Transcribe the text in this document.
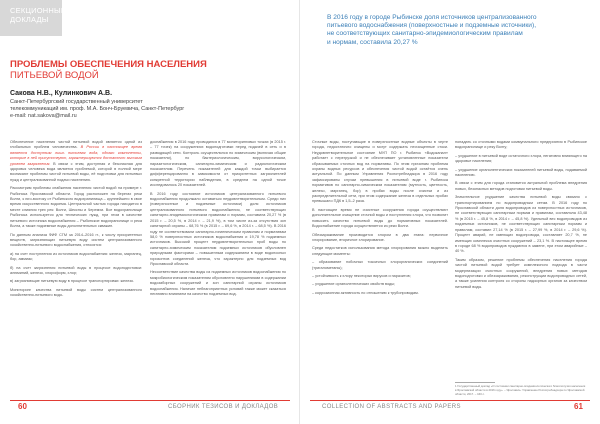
СЕКЦИОННЫЕ
ДОКЛАДЫ
ПРОБЛЕМЫ ОБЕСПЕЧЕНИЯ НАСЕЛЕНИЯ
ПИТЬЕВОЙ ВОДОЙ
Сакова Н.В., Кулинкович А.В.
Санкт-Петербургский государственный университет
телекоммуникаций им. проф. М.А. Бонч-Бруевича, Санкт-Петербург
e-mail: nat.sakova@mail.ru

Обеспечение населения чистой питьевой водой является одной из глобальных проблем человечества. В России в настоящее время является доступным лишь питьевая вода, однако компоненты, которые в ней присутствуют, характеризуются достаточно высоким уровнем загрязнения. В связи с этим, доступная и безопасная для здоровья человека вода является проблемой, которой в полной мере возникают проблемы чистой питьевой воды, её подготовки для питьевых нужд и централизованной подачи населению.

Рассмотрим проблемы снабжения населения чистой водой на примере г. Рыбинска Ярославской области. Город расположен на берегах реки Волги, к юго-востоку от Рыбинского водохранилища – крупнейшего в свое время искусственного водоема. Центральной частью города находится в месте слияния трех рек: Волги, Шексны и Черемхи. Все водохранилище Рыбинска используется для технических нужд, при этом в качестве питьевого источника водоснабжения – Рыбинское водохранилище и река Волга, а также подземные воды дополнительных скважин.

По данным анализа ФИФ СГМ за 2014–2016 гг., к числу приоритетных веществ, загрязняющих питьевую воду систем централизованного хозяйственно-питьевого водоснабжения, относятся:

а) на счет поступления из источников водоснабжения: железо, марганец, бор, аммиак;

б) на счет загрязнения питьевой воды в процессе водоподготовки: алюминий, железо, хлороформ, хлор;

в) загрязняющие питьевую воду в процессе транспортировки: железо.

Мониторинг качества питьевой воды систем централизованного хозяйственно-питьевого водо-

доснабжения в 2016 году проводился в 77 мониторинговых точках (в 2015 г. – 77 точек) на сооружениях водоподготовки перед подачей в сеть и в разводящей сети. Контроль осуществлялся по химическим (включая общие показатели), по бактериологическим, вирусологическим, паразитологическим, санитарно-химическим и радиологическим показателям. Перечень показателей для каждой точки выбирается дифференцированно в зависимости от приоритетных загрязнителей конкретной территории наблюдения, в среднем на одной точке исследовалось 20 показателей.

В 2016 году состояние источников централизованного питьевого водоснабжения продолжало оставаться неудовлетворительным. Среди них (поверхностные и подземные источники) доля источников централизованного питьевого водоснабжения, не соответствующих санитарно-эпидемиологическим правилам и нормам, составила 20,27 % (в 2015 г. – 20,5 %, в 2014 г. – 21,9 %), в том числе из-за отсутствия зон санитарной охраны – 68,76 % (в 2015 г. – 69,6 %, в 2014 г. – 68,5 %). В 2016 году не соответствовали санитарно-гигиеническим правилам и нормативам 58,0 % поверхностных источников водоснабжения и 19,78 % подземных источников. Высокий процент неудовлетворительных проб воды по санитарно-химическим показателям подземных источников обусловлен природными факторами – повышенным содержанием в воде водоносных горизонтов соединений железа, что характерно для подземных вод Ярославской области.

Несоответствие качества воды из подземных источников водоснабжения по микробиологическим показателям обусловлено нарушениями в содержании водозаборных сооружений и зон санитарной охраны источников водоснабжения. Наличие неблагоприятных условий также может сказаться негативно влиянием на качество подземных вод.

60	СБОРНИК ТЕЗИСОВ И ДОКЛАДОВ
В 2016 году в городе Рыбинске доля источников централизованного
питьевого водоснабжения (поверхностные и подземные источники),
не соответствующих санитарно-эпидемиологическим правилам
и нормам, составила 20,27 %

Сточные воды, поступающие в поверхностные водные объекты в черте города, недостаточно очищены и могут содержать неочищенные стоки. Неудовлетворительное состояние МУП ПО г. Рыбинск «Водоканал» работает с перегрузкой и не обеспечивает установленные показатели сбрасываемых сточных вод на нормативы. По этим причинам проблема охраны водных ресурсов и обеспечения чистой водой остаётся очень актуальной. По данным Управления Роспотребнадзора в 2016 году зафиксированы случаи превышения в питьевой воде г. Рыбинска нормативов по санитарно-химическим показателям (мутность, цветность, железо, марганец, бор) в пробах воды после очистки и из распределительной сети, при этом содержание железа в отдельных пробах превышало ПДК в 1,5–2 раза.

В настоящее время не очистные сооружения города осуществляют дополнительное очищение сточной воды и поступления хлора, что позволит повысить качество питьевой воды до нормативных показателей. Водоснабжение города осуществляется из реки Волги.

Обеззараживание производится хлором в два этапа: первичное хлорирование, вторичное хлорирование.

Среди недостатков использования метода хлорирования можно выделить следующие моменты:

– образование побочных токсичных хлорорганических соединений (тригалометаны);

– устойчивость к хлору некоторых вирусов и паразитов;

– ухудшение органолептических свойств воды;

– коррозионная активность по отношению к трубопроводам.

попадать со сточными водами коммунального предприятия в Рыбинское водохранилище и реку Волгу;

– ухудшение в питьевой воде остаточного хлора, негативно влияющего на здоровье населения;

– ухудшение органолептических показателей питьевой воды, подаваемой населению.

В связи с этим для города становится актуальной проблема внедрения новых, безопасных методов подготовки питьевой воды.

Значительное ухудшение качества питьевой воды связано с транспортированием по водопроводным сетям. В 2016 году по Ярославской области доля водопроводов из поверхностных источников, не соответствующих санитарным нормам и правилам, составляла 43,48 % (в 2015 г. – 45,8 %, в 2014 г. – 45,8 %). Удельный вес водопроводов из подземных источников, не соответствующих санитарным нормам и правилам, составил 27,14 % (в 2015 г. – 27,99 %, в 2014 г. – 29,6 %). Процент аварий, не имеющих водопровода, составляет 20,7 %, не имеющих комплекса очистных сооружений – 23,1 %. В настоящее время в городе 68 % водопроводов нуждаются в замене, при этом аварийные – 40 %.

Таким образом, решение проблемы обеспечения населения города чистой питьевой водой требует комплексного подхода в части модернизации очистных сооружений, внедрения новых методов водоподготовки и обеззараживания, реконструкции водопроводных сетей, а также усиления контроля со стороны надзорных органов за качеством питьевой воды.

1 Государственный доклад «О состоянии санитарно-эпидемиологического благополучия населения в Ярославской области в 2016 году». – Ярославль: Управление Роспотребнадзора по Ярославской области, 2017. – 160 с.
COLLECTION OF ABSTRACTS AND PAPERS	61
